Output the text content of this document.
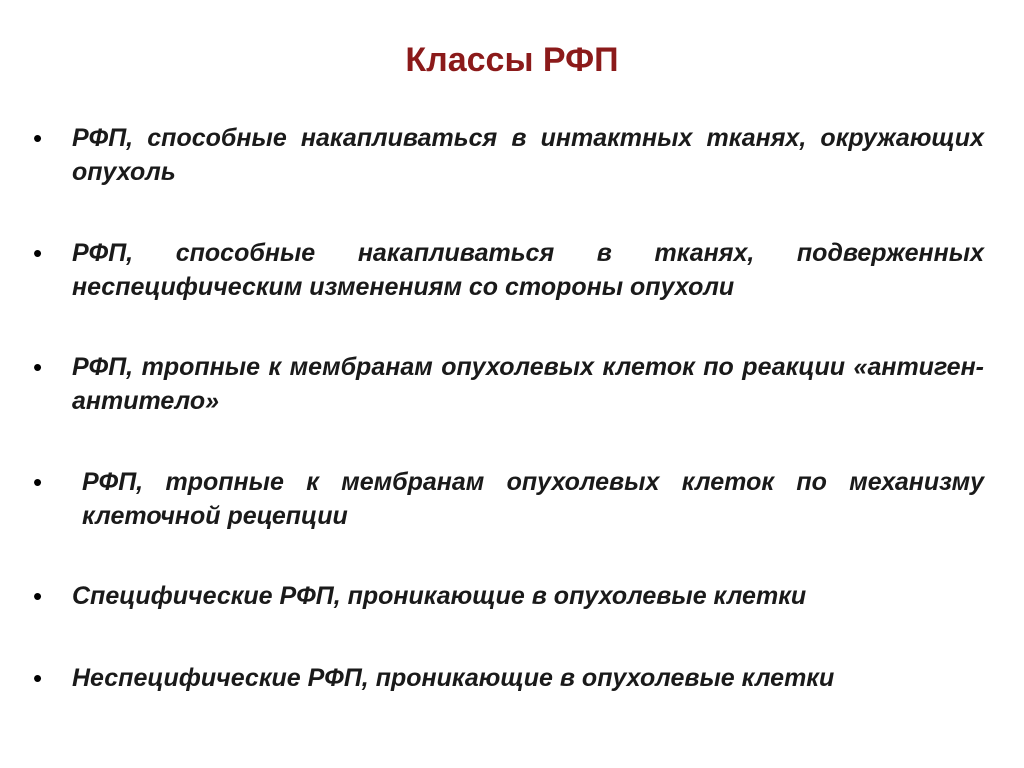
Классы РФП
• РФП, способные накапливаться в интактных тканях, окружающих опухоль
• РФП, способные накапливаться в тканях, подверженных неспецифическим изменениям со стороны опухоли
• РФП, тропные к мембранам опухолевых клеток по реакции «антиген-антитело»
•	РФП, тропные к мембранам опухолевых клеток по механизму клеточной рецепции
• Специфические РФП, проникающие в опухолевые клетки
• Неспецифические РФП, проникающие в опухолевые клетки
